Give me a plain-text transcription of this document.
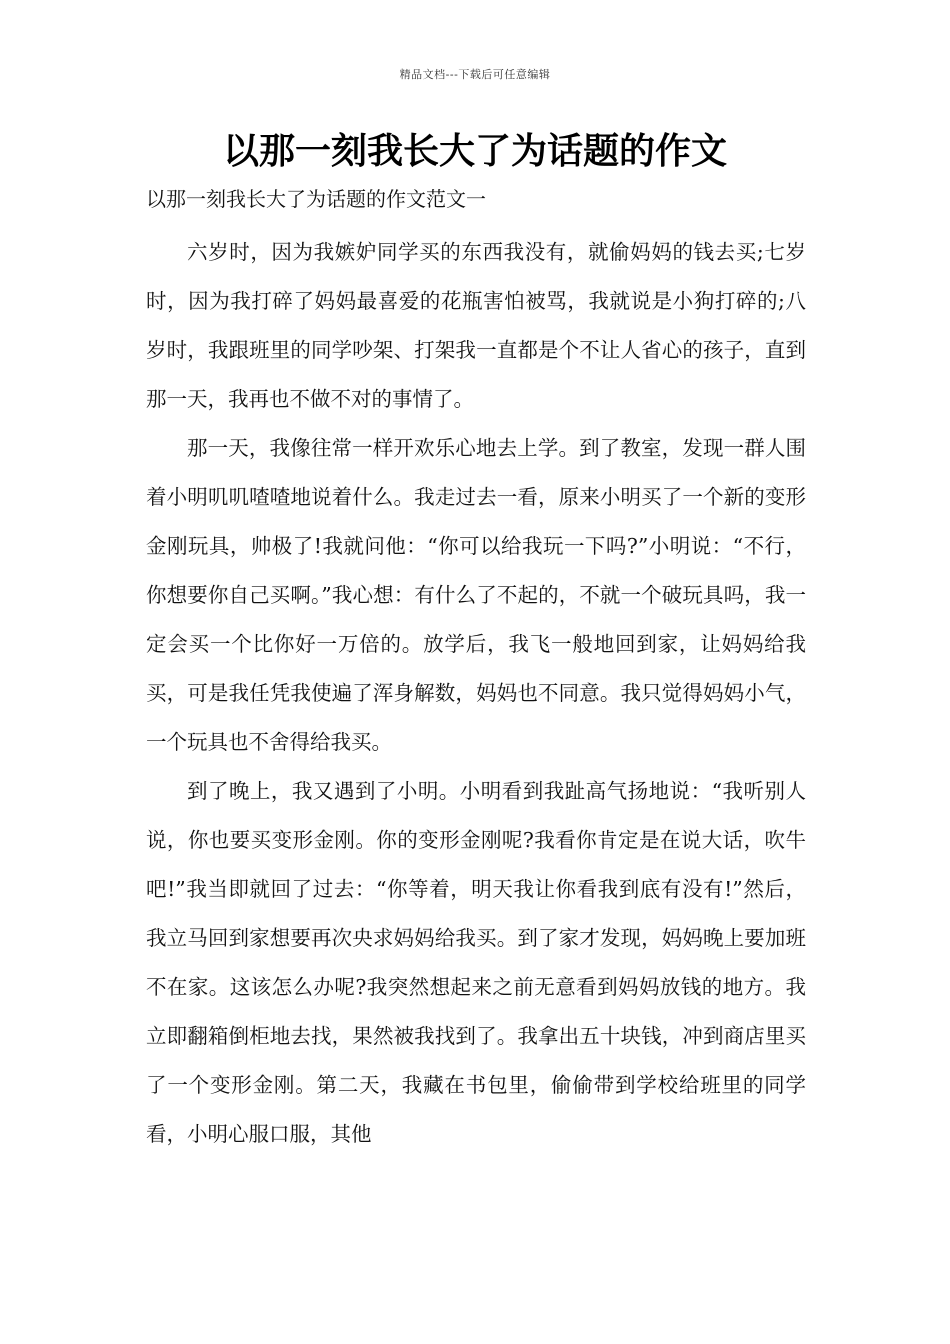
精品文档---下载后可任意编辑
以那一刻我长大了为话题的作文
以那一刻我长大了为话题的作文范文一

六岁时，因为我嫉妒同学买的东西我没有，就偷妈妈的钱去买;七岁时，因为我打碎了妈妈最喜爱的花瓶害怕被骂，我就说是小狗打碎的;八岁时，我跟班里的同学吵架、打架我一直都是个不让人省心的孩子，直到那一天，我再也不做不对的事情了。

那一天，我像往常一样开欢乐心地去上学。到了教室，发现一群人围着小明叽叽喳喳地说着什么。我走过去一看，原来小明买了一个新的变形金刚玩具，帅极了!我就问他：“你可以给我玩一下吗?”小明说：“不行，你想要你自己买啊。”我心想：有什么了不起的，不就一个破玩具吗，我一定会买一个比你好一万倍的。放学后，我飞一般地回到家，让妈妈给我买，可是我任凭我使遍了浑身解数，妈妈也不同意。我只觉得妈妈小气，一个玩具也不舍得给我买。

到了晚上，我又遇到了小明。小明看到我趾高气扬地说：“我听别人说，你也要买变形金刚。你的变形金刚呢?我看你肯定是在说大话，吹牛吧!”我当即就回了过去：“你等着，明天我让你看我到底有没有!”然后，我立马回到家想要再次央求妈妈给我买。到了家才发现，妈妈晚上要加班不在家。这该怎么办呢?我突然想起来之前无意看到妈妈放钱的地方。我立即翻箱倒柜地去找，果然被我找到了。我拿出五十块钱，冲到商店里买了一个变形金刚。第二天，我藏在书包里，偷偷带到学校给班里的同学看，小明心服口服，其他
